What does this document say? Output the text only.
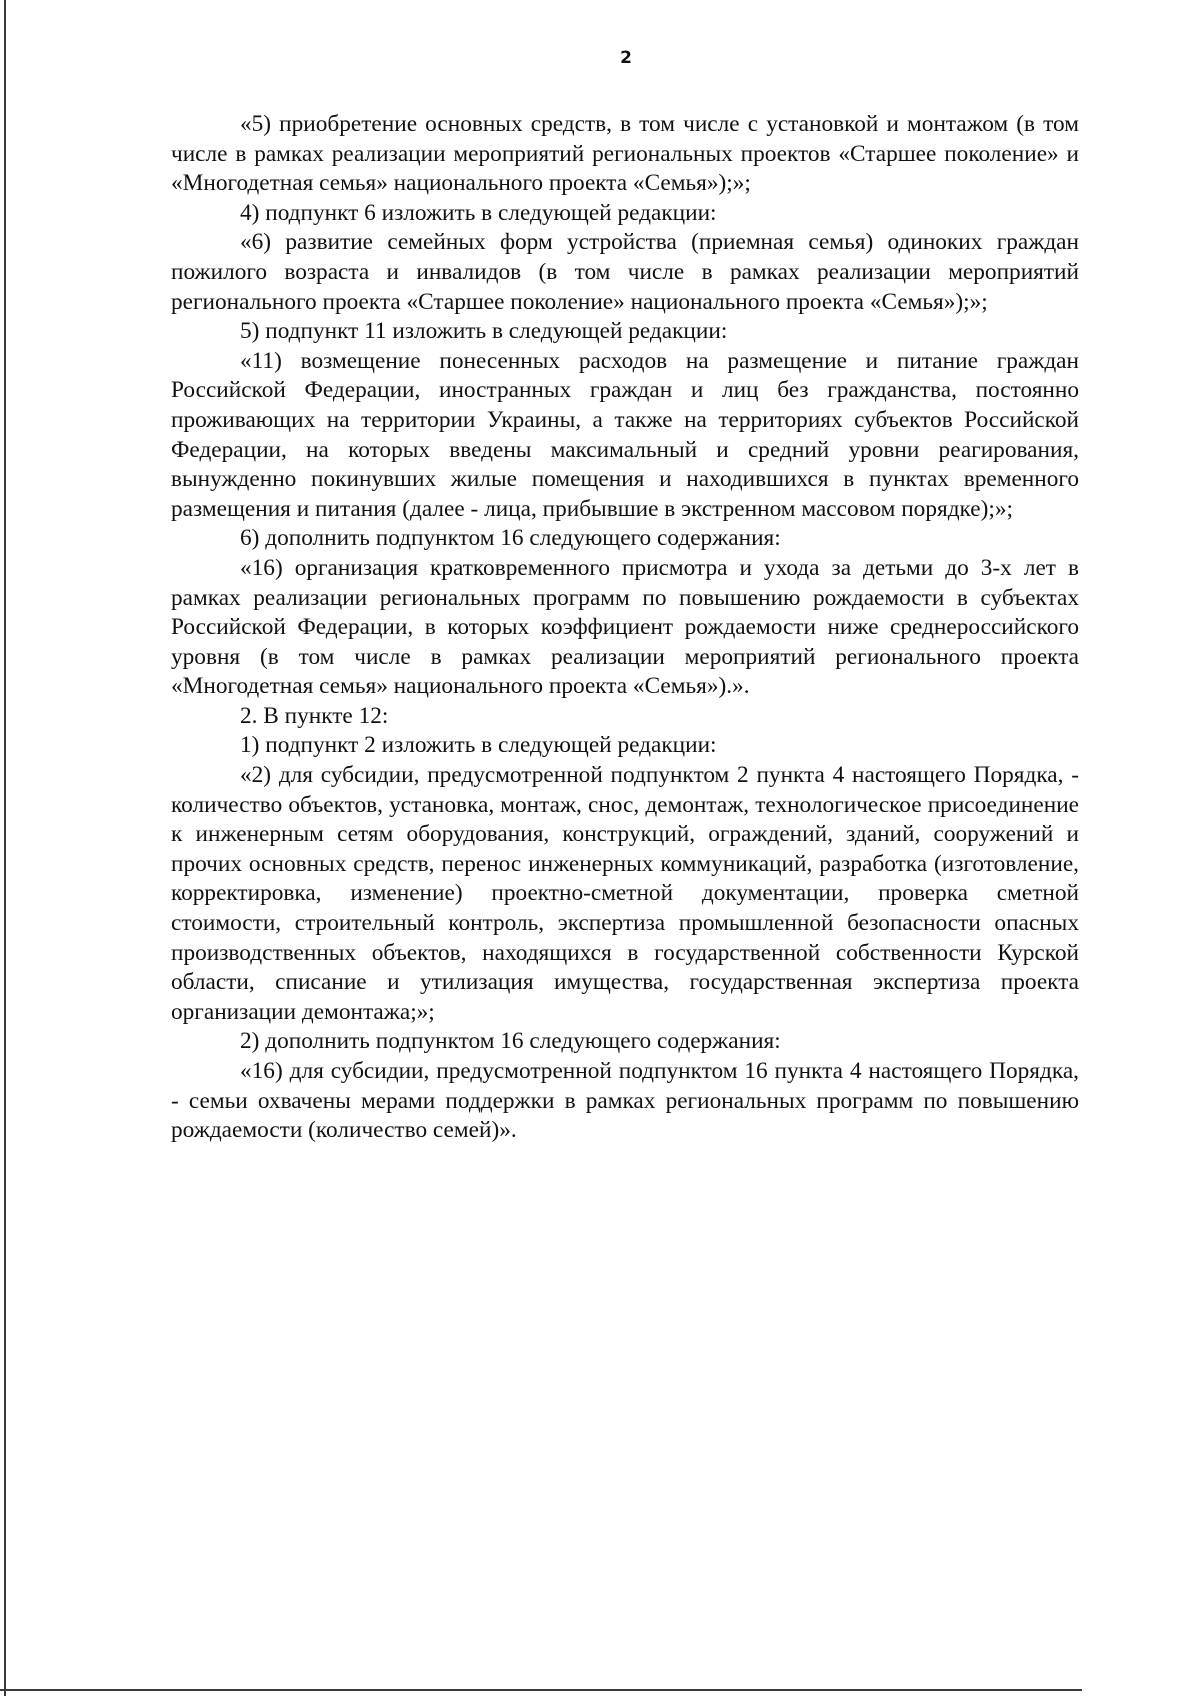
2

«5) приобретение основных средств, в том числе с установкой и монтажом (в том числе в рамках реализации мероприятий региональных проектов «Старшее поколение» и «Многодетная семья» национального проекта «Семья»);»;

4) подпункт 6 изложить в следующей редакции:

«6) развитие семейных форм устройства (приемная семья) одиноких граждан пожилого возраста и инвалидов (в том числе в рамках реализации мероприятий регионального проекта «Старшее поколение» национального проекта «Семья»);»;

5) подпункт 11 изложить в следующей редакции:

«11) возмещение понесенных расходов на размещение и питание граждан Российской Федерации, иностранных граждан и лиц без гражданства, постоянно проживающих на территории Украины, а также на территориях субъектов Российской Федерации, на которых введены максимальный и средний уровни реагирования, вынужденно покинувших жилые помещения и находившихся в пунктах временного размещения и питания (далее - лица, прибывшие в экстренном массовом порядке);»;

6) дополнить подпунктом 16 следующего содержания:

«16) организация кратковременного присмотра и ухода за детьми до 3-х лет в рамках реализации региональных программ по повышению рождаемости в субъектах Российской Федерации, в которых коэффициент рождаемости ниже среднероссийского уровня (в том числе в рамках реализации мероприятий регионального проекта «Многодетная семья» национального проекта «Семья»).».

2. В пункте 12:

1) подпункт 2 изложить в следующей редакции:

«2) для субсидии, предусмотренной подпунктом 2 пункта 4 настоящего Порядка, - количество объектов, установка, монтаж, снос, демонтаж, технологическое присоединение к инженерным сетям оборудования, конструкций, ограждений, зданий, сооружений и прочих основных средств, перенос инженерных коммуникаций, разработка (изготовление, корректировка, изменение) проектно-сметной документации, проверка сметной стоимости, строительный контроль, экспертиза промышленной безопасности опасных производственных объектов, находящихся в государственной собственности Курской области, списание и утилизация имущества, государственная экспертиза проекта организации демонтажа;»;

2) дополнить подпунктом 16 следующего содержания:

«16) для субсидии, предусмотренной подпунктом 16 пункта 4 настоящего Порядка, - семьи охвачены мерами поддержки в рамках региональных программ по повышению рождаемости (количество семей)».
